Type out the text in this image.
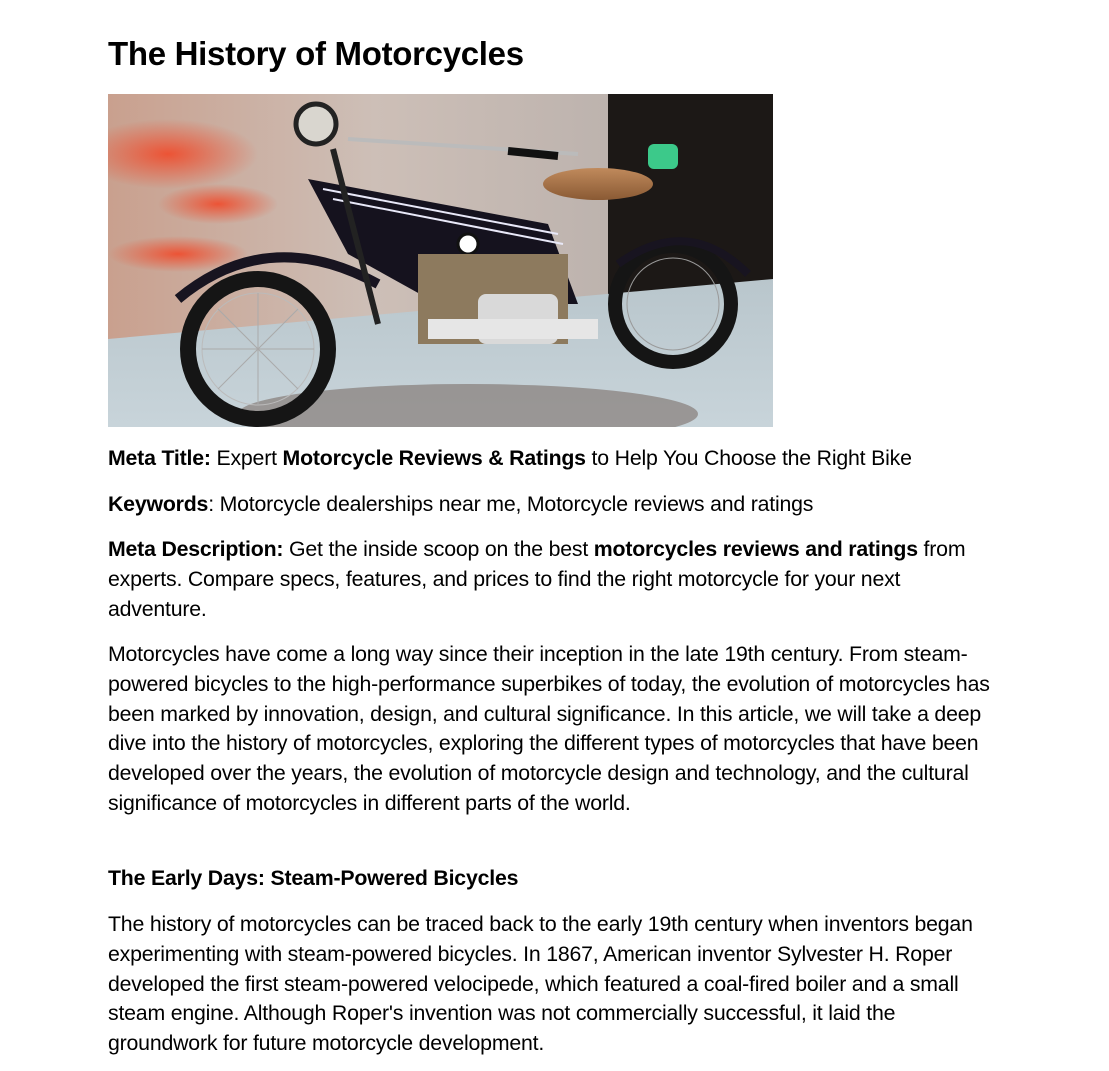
The History of Motorcycles

Meta Title: Expert Motorcycle Reviews & Ratings to Help You Choose the Right Bike

Keywords: Motorcycle dealerships near me, Motorcycle reviews and ratings

Meta Description: Get the inside scoop on the best motorcycles reviews and ratings from experts. Compare specs, features, and prices to find the right motorcycle for your next adventure.

Motorcycles have come a long way since their inception in the late 19th century. From steam-powered bicycles to the high-performance superbikes of today, the evolution of motorcycles has been marked by innovation, design, and cultural significance. In this article, we will take a deep dive into the history of motorcycles, exploring the different types of motorcycles that have been developed over the years, the evolution of motorcycle design and technology, and the cultural significance of motorcycles in different parts of the world.

The Early Days: Steam-Powered Bicycles

The history of motorcycles can be traced back to the early 19th century when inventors began experimenting with steam-powered bicycles. In 1867, American inventor Sylvester H. Roper developed the first steam-powered velocipede, which featured a coal-fired boiler and a small steam engine. Although Roper's invention was not commercially successful, it laid the groundwork for future motorcycle development.
